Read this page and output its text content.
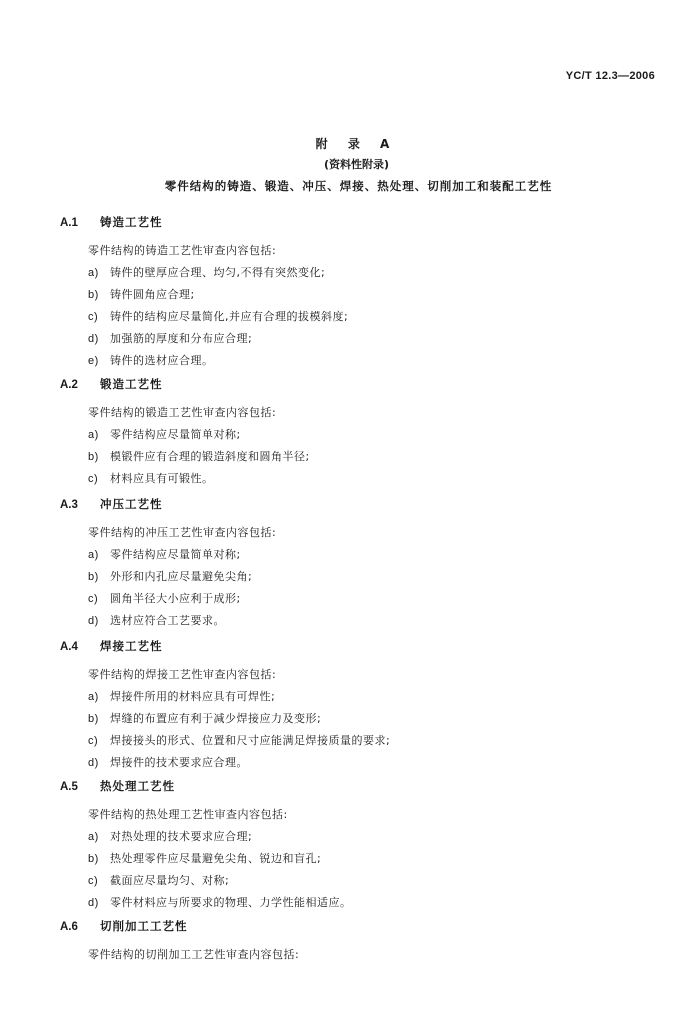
YC/T 12.3—2006
附 录 A
(资料性附录)
零件结构的铸造、锻造、冲压、焊接、热处理、切削加工和装配工艺性
A.1 铸造工艺性
零件结构的铸造工艺性审查内容包括:
a) 铸件的壁厚应合理、均匀,不得有突然变化;
b) 铸件圆角应合理;
c) 铸件的结构应尽量简化,并应有合理的拔模斜度;
d) 加强筋的厚度和分布应合理;
e) 铸件的选材应合理。
A.2 锻造工艺性
零件结构的锻造工艺性审查内容包括:
a) 零件结构应尽量简单对称;
b) 模锻件应有合理的锻造斜度和圆角半径;
c) 材料应具有可锻性。
A.3 冲压工艺性
零件结构的冲压工艺性审查内容包括:
a) 零件结构应尽量简单对称;
b) 外形和内孔应尽量避免尖角;
c) 圆角半径大小应利于成形;
d) 选材应符合工艺要求。
A.4 焊接工艺性
零件结构的焊接工艺性审查内容包括:
a) 焊接件所用的材料应具有可焊性;
b) 焊缝的布置应有利于减少焊接应力及变形;
c) 焊接接头的形式、位置和尺寸应能满足焊接质量的要求;
d) 焊接件的技术要求应合理。
A.5 热处理工艺性
零件结构的热处理工艺性审查内容包括:
a) 对热处理的技术要求应合理;
b) 热处理零件应尽量避免尖角、锐边和盲孔;
c) 截面应尽量均匀、对称;
d) 零件材料应与所要求的物理、力学性能相适应。
A.6 切削加工工艺性
零件结构的切削加工工艺性审查内容包括:
